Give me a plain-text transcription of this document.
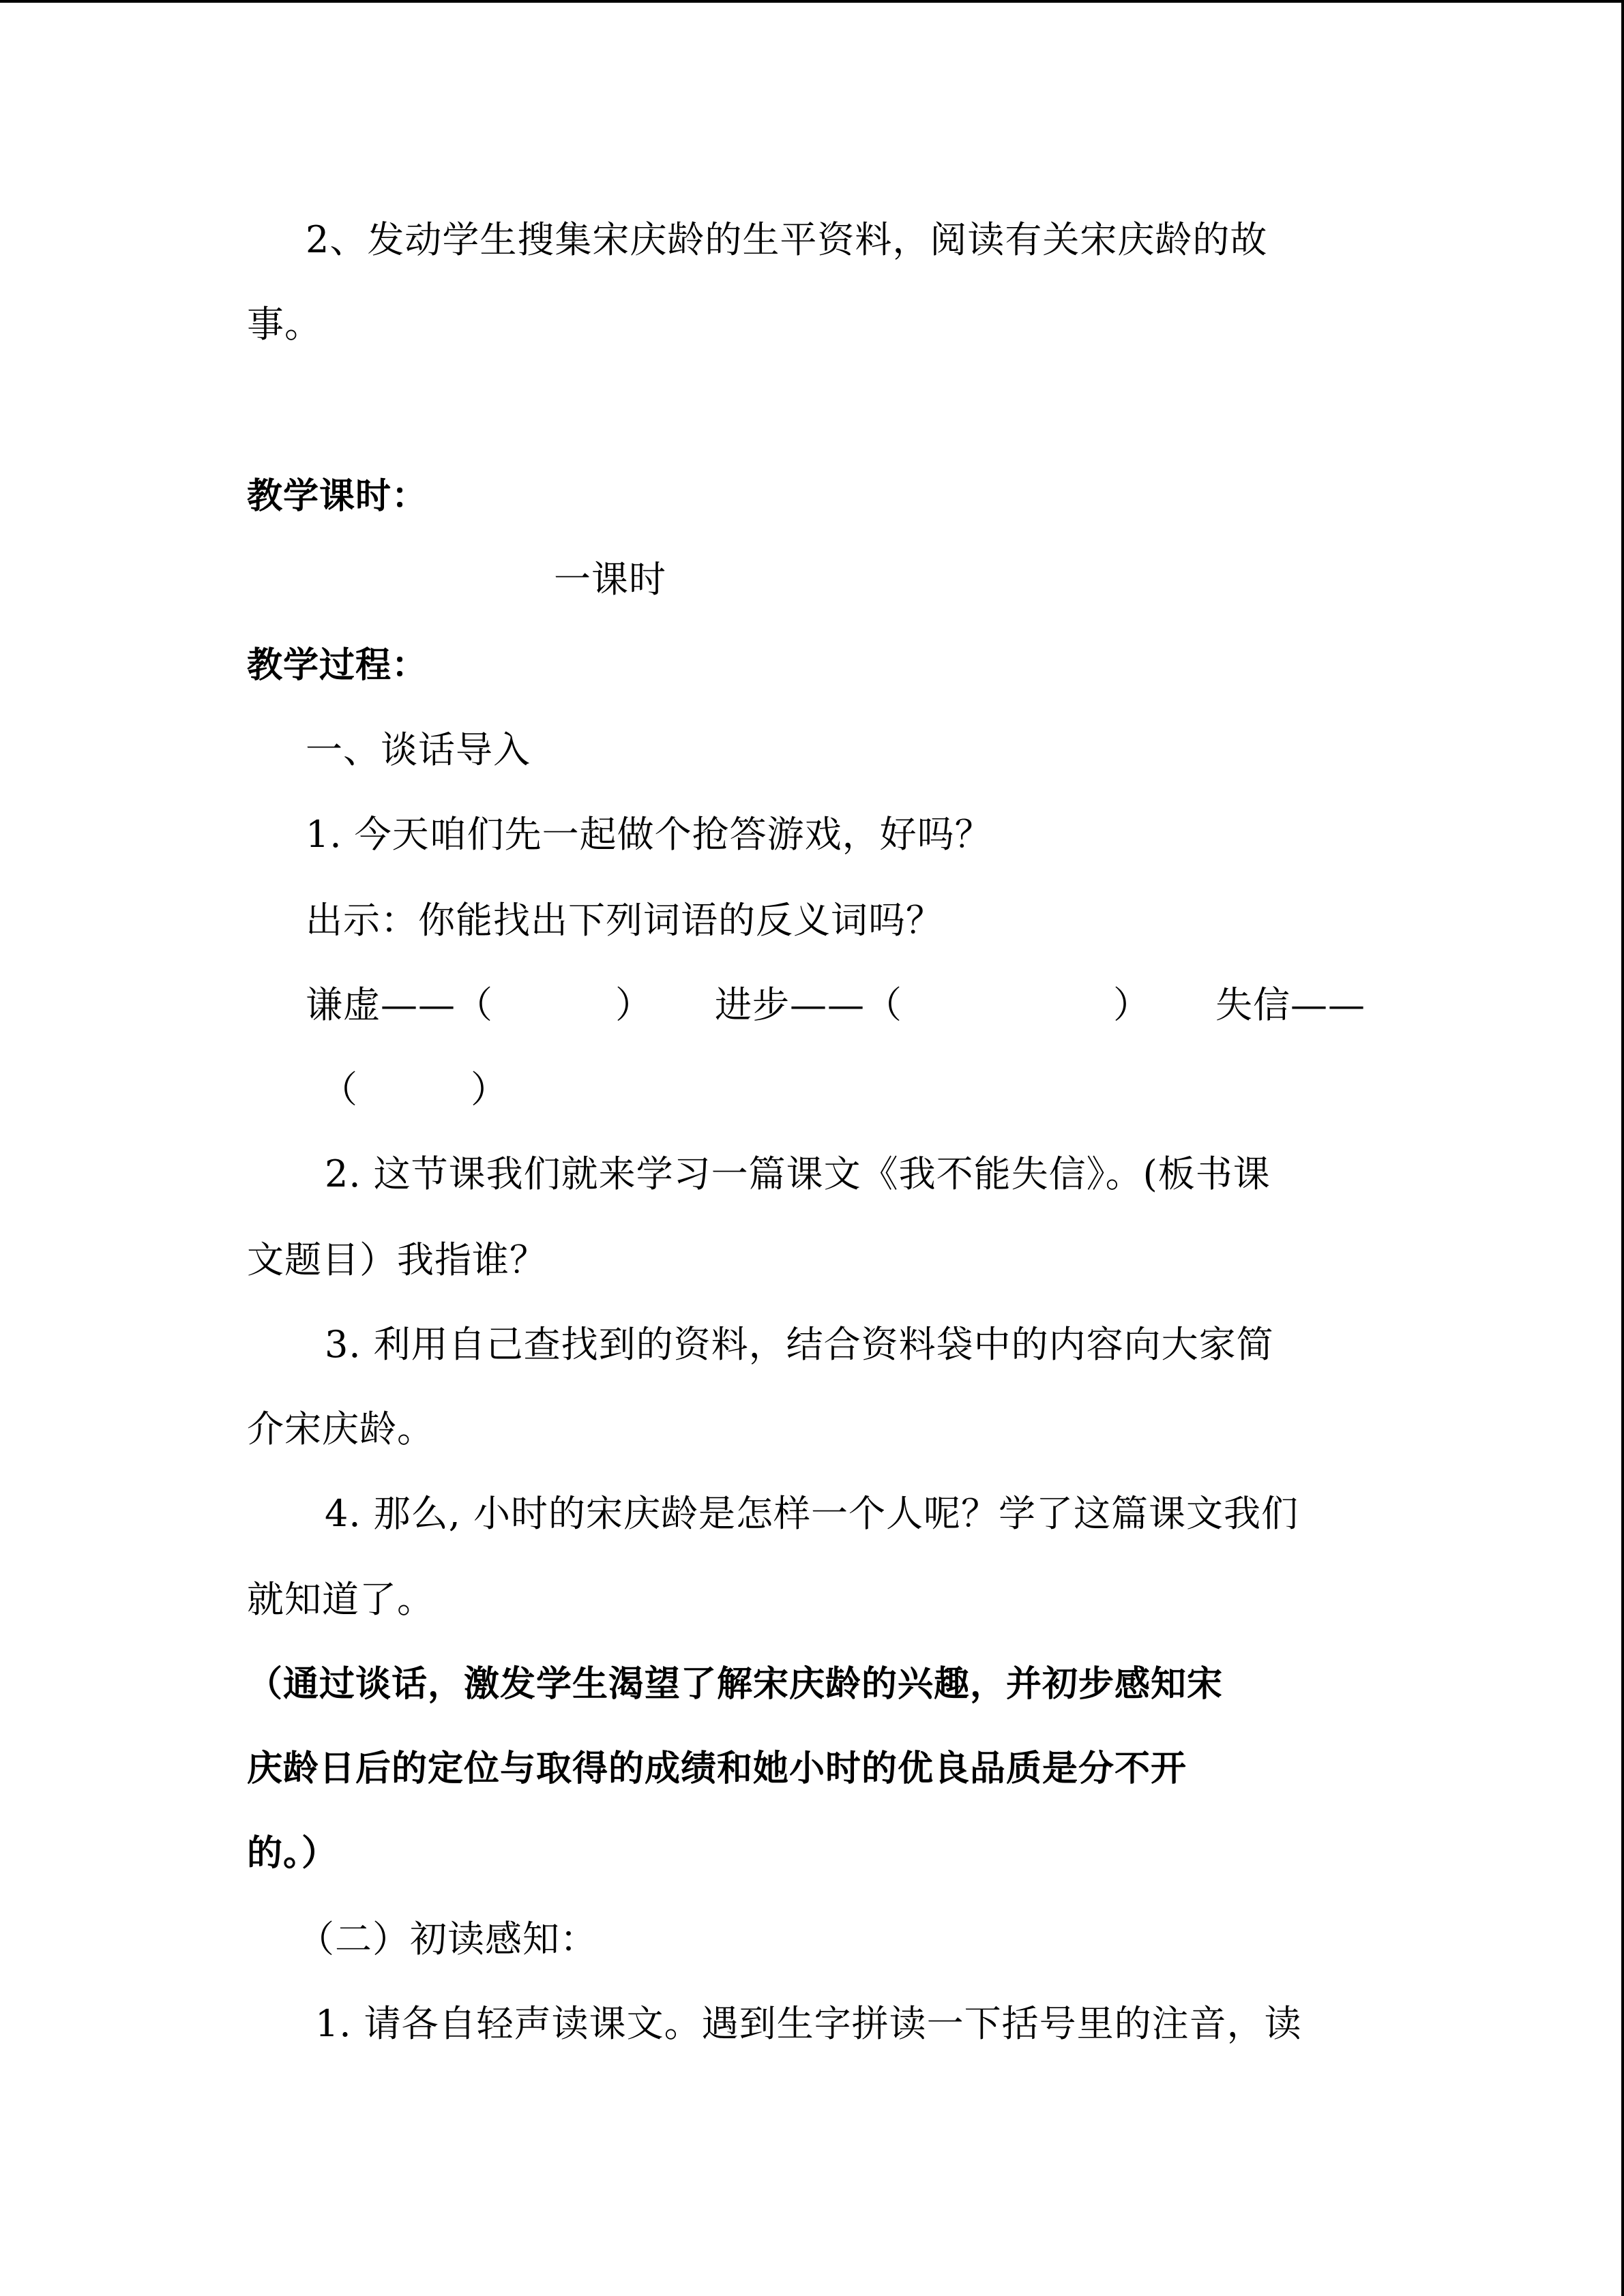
2、发动学生搜集宋庆龄的生平资料，阅读有关宋庆龄的故
事。
教学课时：
一课时
教学过程：
一、谈话导入
1. 今天咱们先一起做个抢答游戏，好吗？
出示：你能找出下列词语的反义词吗？
谦虚——（	） 进步——（	） 失信——
（	）
2. 这节课我们就来学习一篇课文《我不能失信》。(板书课
文题目）我指谁？
3. 利用自己查找到的资料，结合资料袋中的内容向大家简
介宋庆龄。
4. 那么, 小时的宋庆龄是怎样一个人呢？学了这篇课文我们
就知道了。
（通过谈话，激发学生渴望了解宋庆龄的兴趣，并初步感知宋
庆龄日后的定位与取得的成绩和她小时的优良品质是分不开
的。）
（二）初读感知：
1. 请各自轻声读课文。遇到生字拼读一下括号里的注音，读
